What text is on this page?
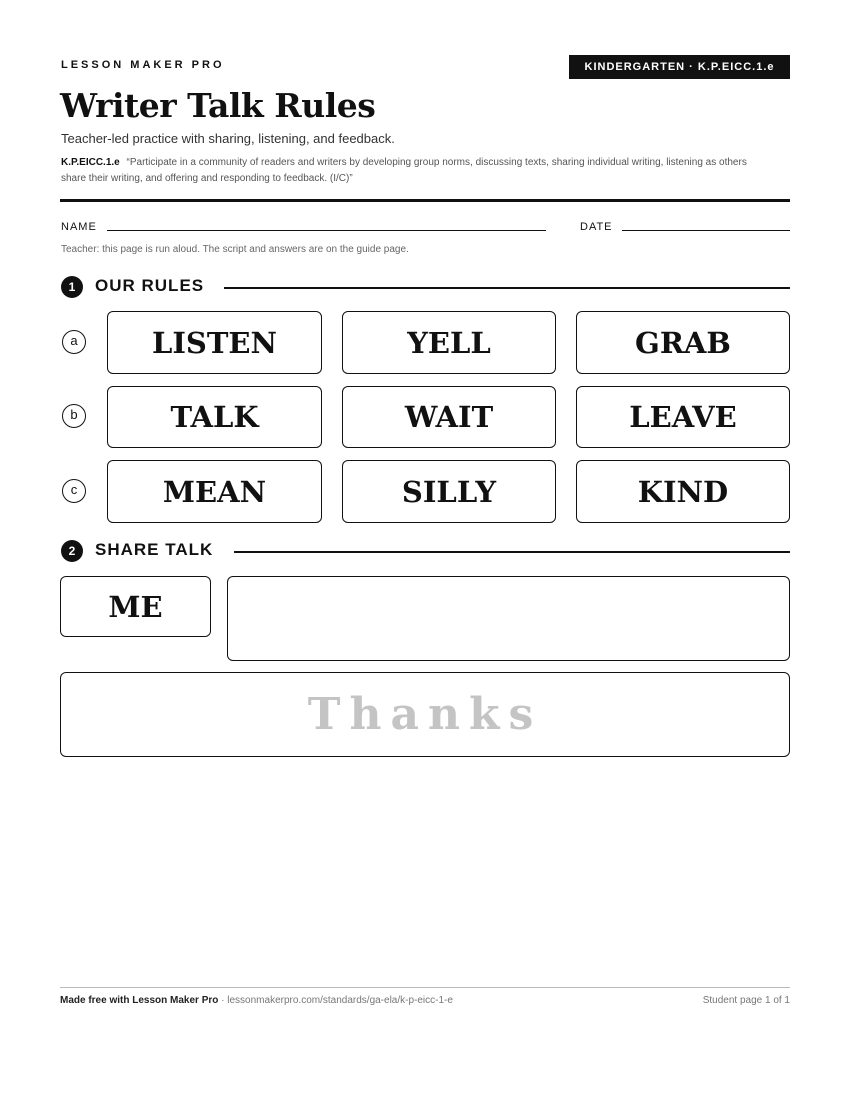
LESSON MAKER PRO	KINDERGARTEN · K.P.EICC.1.e
Writer Talk Rules
Teacher-led practice with sharing, listening, and feedback.
K.P.EICC.1.e “Participate in a community of readers and writers by developing group norms, discussing texts, sharing individual writing, listening as others share their writing, and offering and responding to feedback. (I/C)”
NAME	DATE
Teacher: this page is run aloud. The script and answers are on the guide page.
1	OUR RULES
a	LISTEN	YELL	GRAB
b	TALK	WAIT	LEAVE
c	MEAN	SILLY	KIND
2	SHARE TALK
ME
Thanks
Made free with Lesson Maker Pro · lessonmakerpro.com/standards/ga-ela/k-p-eicc-1-e	Student page 1 of 1
